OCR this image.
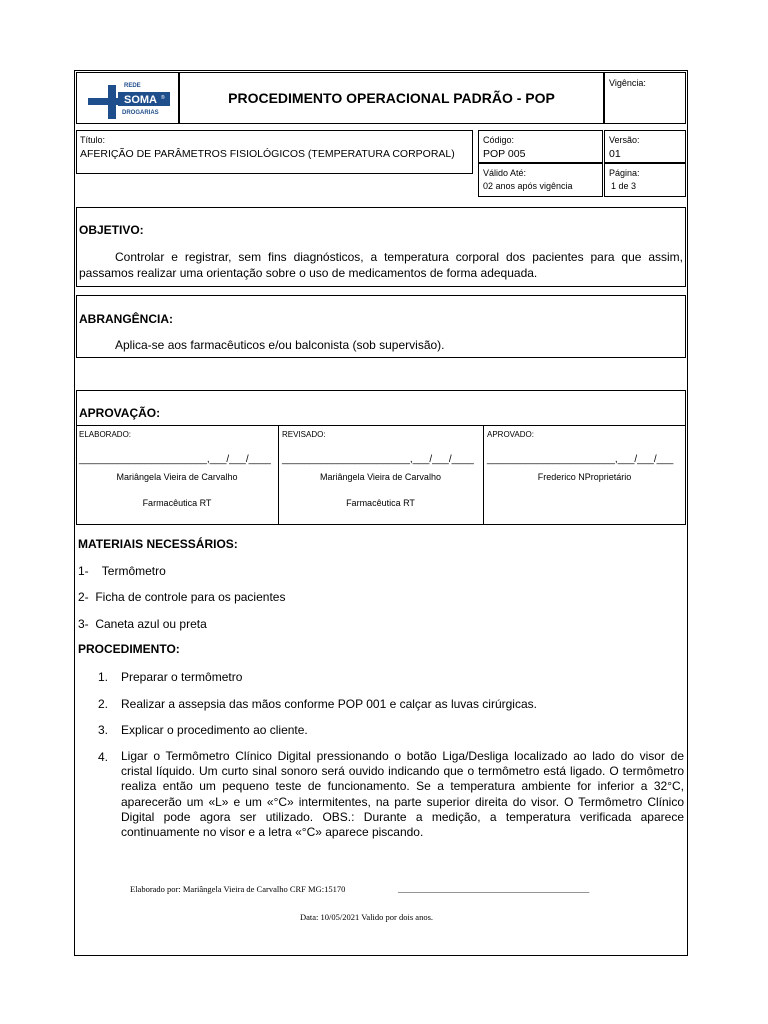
REDE
SOMA ®
DROGARIAS
PROCEDIMENTO OPERACIONAL PADRÃO - POP
Vigência:
Título:
AFERIÇÃO DE PARÂMETROS FISIOLÓGICOS (TEMPERATURA CORPORAL)
Código:
POP 005
Versão:
01
Válido Até:
02 anos após vigência
Página:
1 de 3
OBJETIVO:
Controlar e registrar, sem fins diagnósticos, a temperatura corporal dos pacientes para que assim, passamos realizar uma orientação sobre o uso de medicamentos de forma adequada.
ABRANGÊNCIA:
Aplica-se aos farmacêuticos e/ou balconista (sob supervisão).
APROVAÇÃO:
ELABORADO:
_______________________,___/___/____
Mariângela Vieira de Carvalho
Farmacêutica RT
REVISADO:
_______________________,___/___/____
Mariângela Vieira de Carvalho
Farmacêutica RT
APROVADO:
_______________________,___/___/___
Frederico NProprietário
MATERIAIS NECESSÁRIOS:
1-    Termômetro
2-  Ficha de controle para os pacientes
3-  Caneta azul ou preta
PROCEDIMENTO:
1. Preparar o termômetro
2. Realizar a assepsia das mãos conforme POP 001 e calçar as luvas cirúrgicas.
3. Explicar o procedimento ao cliente.
4. Ligar o Termômetro Clínico Digital pressionando o botão Liga/Desliga localizado ao lado do visor de cristal líquido. Um curto sinal sonoro será ouvido indicando que o termômetro está ligado. O termômetro realiza então um pequeno teste de funcionamento. Se a temperatura ambiente for inferior a 32°C, aparecerão um «L» e um «°C» intermitentes, na parte superior direita do visor. O Termômetro Clínico Digital pode agora ser utilizado. OBS.: Durante a medição, a temperatura verificada aparece continuamente no visor e a letra «°C» aparece piscando.
Elaborado por: Mariângela Vieira de Carvalho CRF MG:15170	_____________________________________________
Data: 10/05/2021 Valido por dois anos.
